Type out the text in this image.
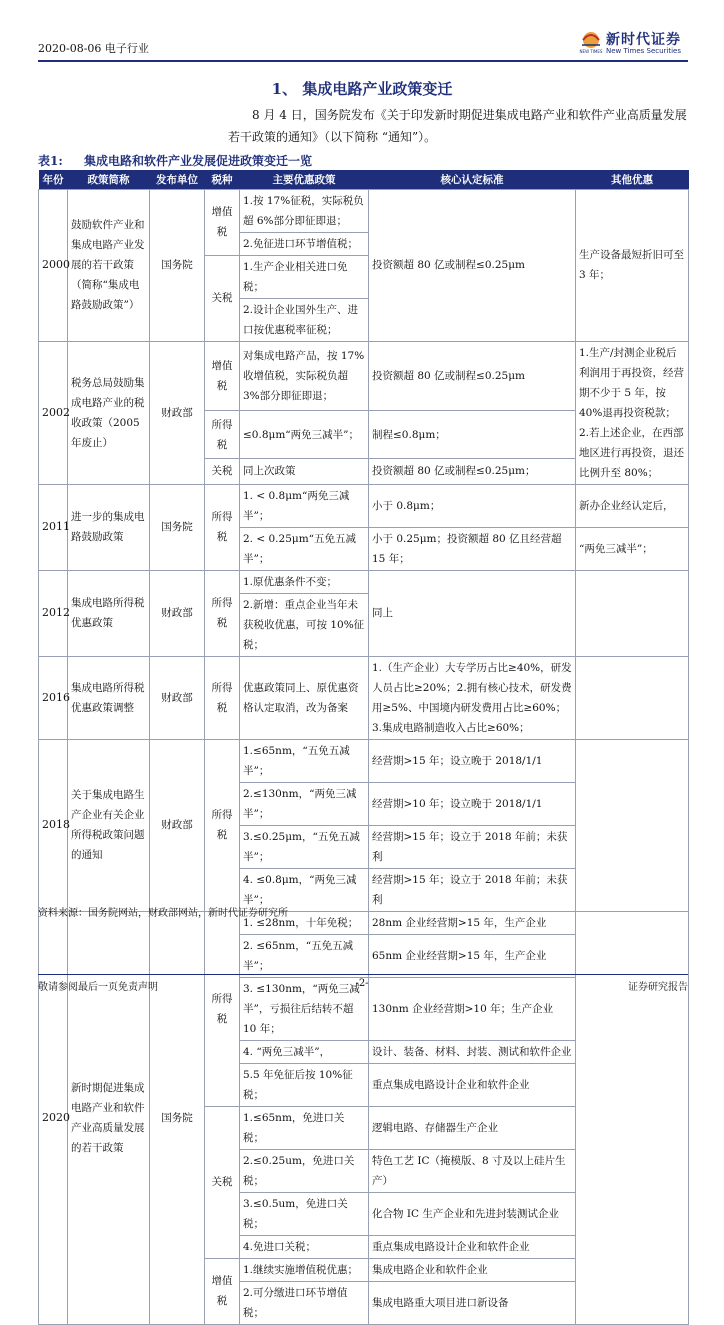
2020-08-06 电子行业	NEW TIMES
新时代证券
New Times Securities
1、 集成电路产业政策变迁
8 月 4 日，国务院发布《关于印发新时期促进集成电路产业和软件产业高质量发展若干政策的通知》（以下简称 “通知”）。
表1: 集成电路和软件产业发展促进政策变迁一览
年份	政策简称	发布单位	税种	主要优惠政策	核心认定标准	其他优惠
2000	鼓励软件产业和集成电路产业发展的若干政策（简称“集成电路鼓励政策”）	国务院	增值税	1.按 17%征税，实际税负超 6%部分即征即退；	投资额超 80 亿或制程≤0.25μm	生产设备最短折旧可至 3 年；
				2.免征进口环节增值税；		
			关税	1.生产企业相关进口免税；		
				2.设计企业国外生产、进口按优惠税率征税；		
2002	税务总局鼓励集成电路产业的税收政策（2005 年废止）	财政部	增值税	对集成电路产品，按 17%收增值税，实际税负超 3%部分即征即退；	投资额超 80 亿或制程≤0.25μm	1.生产/封测企业税后利润用于再投资，经营期不少于 5 年，按 40%退再投资税款；2.若上述企业，在西部地区进行再投资，退还比例升至 80%；
			所得税	≤0.8μm“两免三减半”；	制程≤0.8μm；	
			关税	同上次政策	投资额超 80 亿或制程≤0.25μm；	
2011	进一步的集成电路鼓励政策	国务院	所得税	1. < 0.8μm“两免三减半”；	小于 0.8μm；	新办企业经认定后，
				2. < 0.25μm“五免五减半”；	小于 0.25μm；投资额超 80 亿且经营超 15 年；	“两免三减半”；
2012	集成电路所得税优惠政策	财政部	所得税	1.原优惠条件不变；	同上	
				2.新增：重点企业当年未获税收优惠，可按 10%征税；		
2016	集成电路所得税优惠政策调整	财政部	所得税	优惠政策同上、原优惠资格认定取消，改为备案	1.（生产企业）大专学历占比≥40%，研发人员占比≥20%；2.拥有核心技术，研发费用≥5%、中国境内研发费用占比≥60%；3.集成电路制造收入占比≥60%；	
2018	关于集成电路生产企业有关企业所得税政策问题的通知	财政部	所得税	1.≤65nm，“五免五减半”；	经营期>15 年；设立晚于 2018/1/1	
				2.≤130nm，“两免三减半”；	经营期>10 年；设立晚于 2018/1/1	
				3.≤0.25μm，“五免五减半”；	经营期>15 年；设立于 2018 年前；未获利	
				4. ≤0.8μm，“两免三减半”；	经营期>15 年；设立于 2018 年前；未获利	
2020	新时期促进集成电路产业和软件产业高质量发展的若干政策	国务院	所得税	1. ≤28nm，十年免税；	28nm 企业经营期>15 年，生产企业	
				2. ≤65nm，“五免五减半”；	65nm 企业经营期>15 年，生产企业	
				3. ≤130nm，“两免三减半”，亏损往后结转不超 10 年；	130nm 企业经营期>10 年；生产企业	
				4. “两免三减半”，	设计、装备、材料、封装、测试和软件企业	
				5.5 年免征后按 10%征税；	重点集成电路设计企业和软件企业	
			关税	1.≤65nm，免进口关税；	逻辑电路、存储器生产企业	
				2.≤0.25um，免进口关税；	特色工艺 IC（掩模版、8 寸及以上硅片生产）	
				3.≤0.5um，免进口关税；	化合物 IC 生产企业和先进封装测试企业	
				4.免进口关税；	重点集成电路设计企业和软件企业	
			增值税	1.继续实施增值税优惠；	集成电路企业和软件企业	
				2.可分缴进口环节增值税；	集成电路重大项目进口新设备	
资料来源：国务院网站，财政部网站，新时代证券研究所
敬请参阅最后一页免责声明	-2-	证券研究报告
